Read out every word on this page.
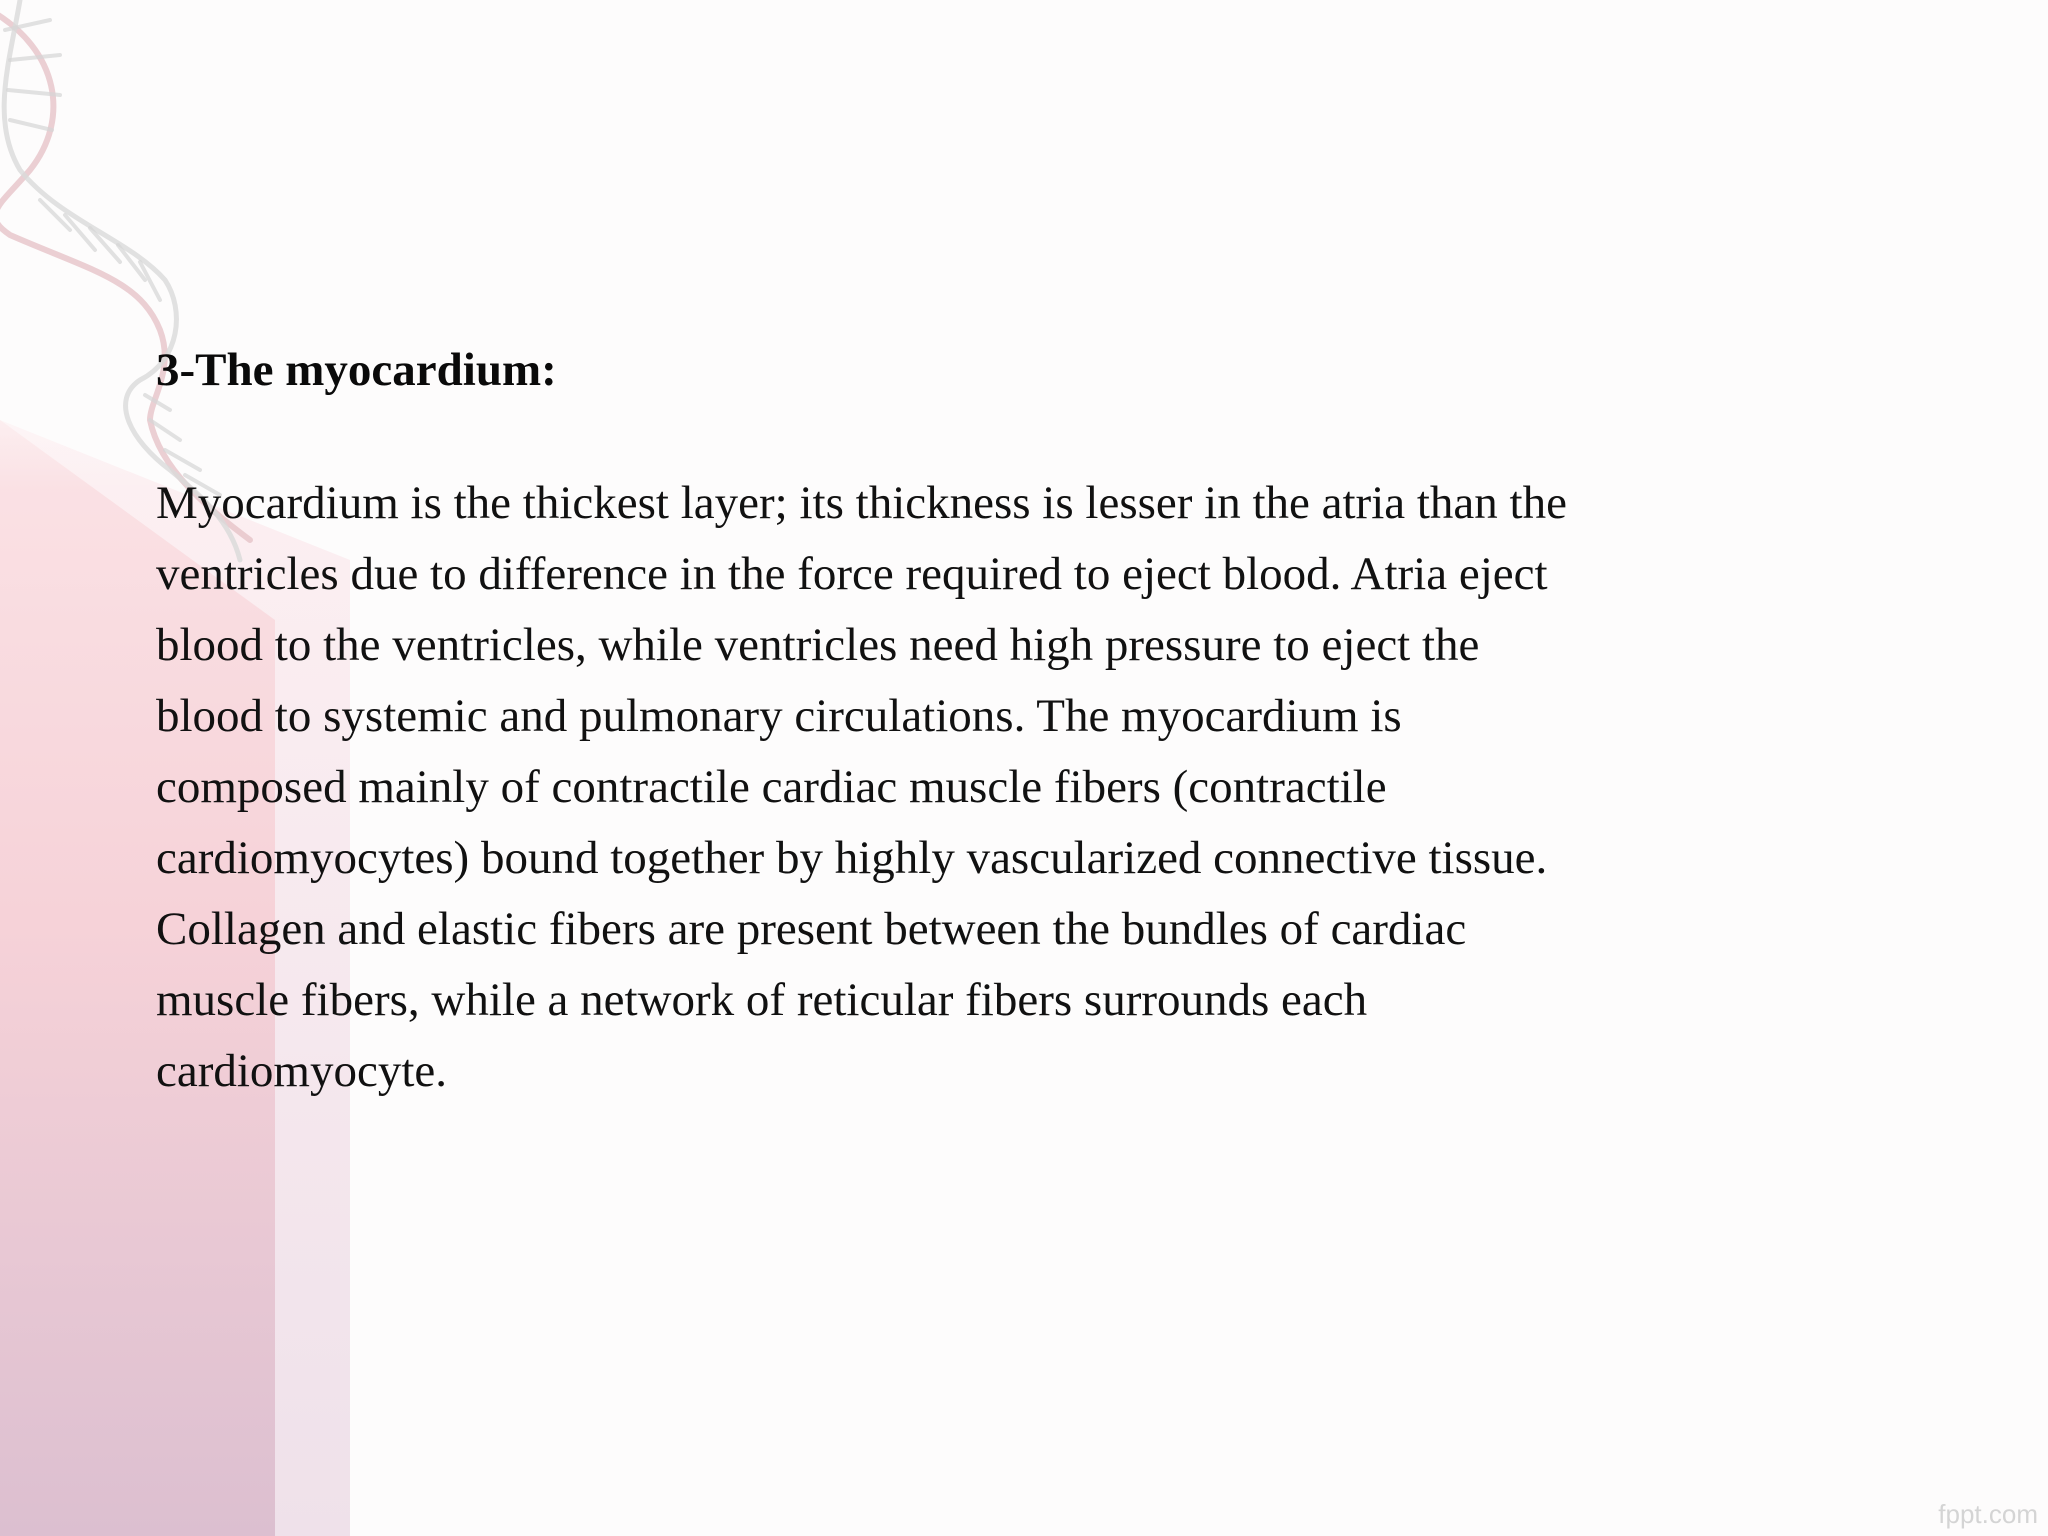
3-The myocardium:

Myocardium is the thickest layer; its thickness is lesser in the atria than the
ventricles due to difference in the force required to eject blood. Atria eject
blood to the ventricles, while ventricles need high pressure to eject the
blood to systemic and pulmonary circulations. The myocardium is
composed mainly of contractile cardiac muscle fibers (contractile
cardiomyocytes) bound together by highly vascularized connective tissue.
Collagen and elastic fibers are present between the bundles of cardiac
muscle fibers, while a network of reticular fibers surrounds each
cardiomyocyte.

fppt.com
